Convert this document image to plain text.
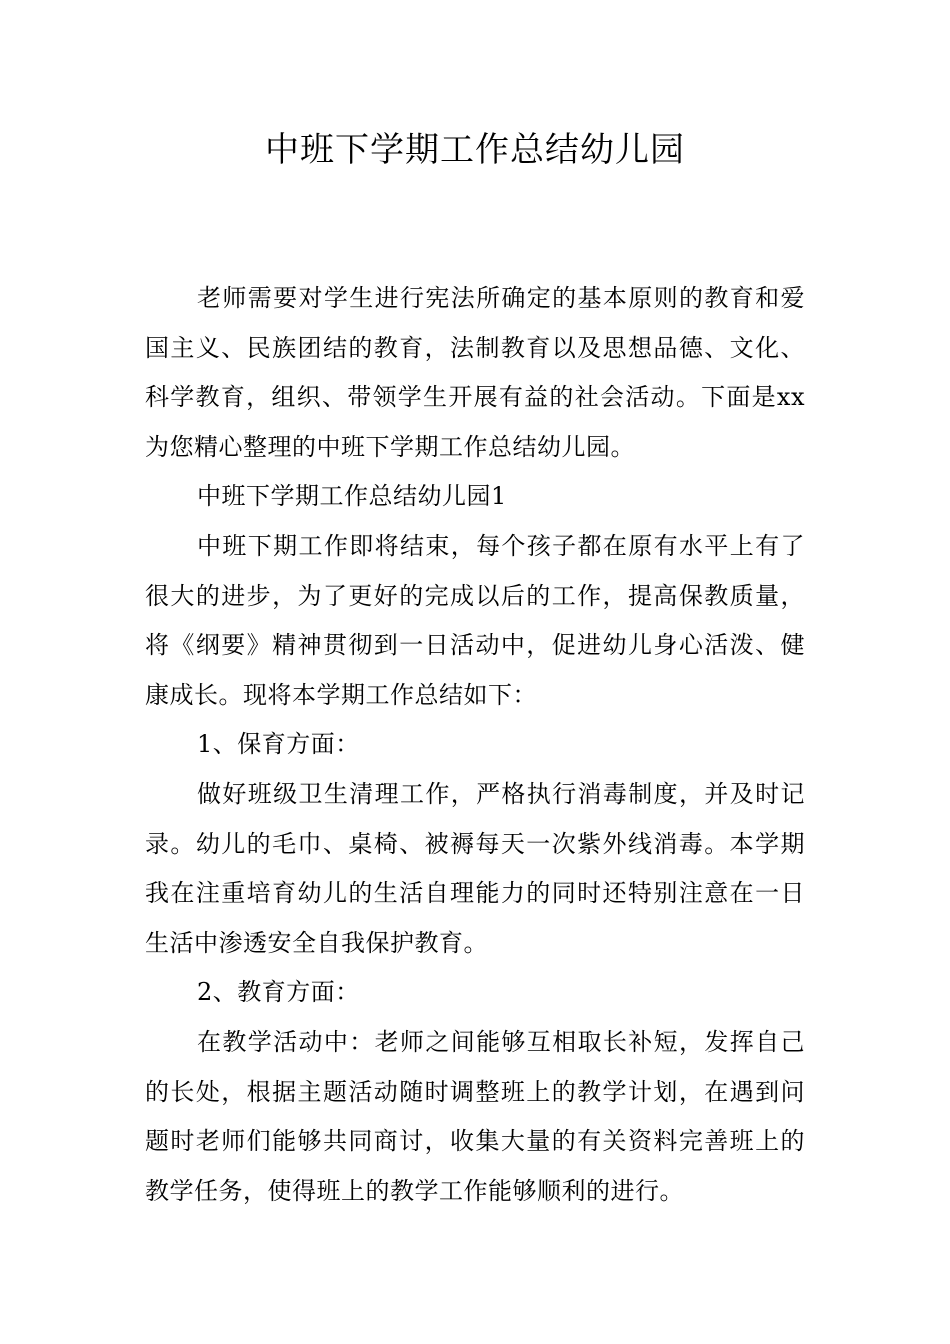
中班下学期工作总结幼儿园

老师需要对学生进行宪法所确定的基本原则的教育和爱国主义、民族团结的教育，法制教育以及思想品德、文化、科学教育，组织、带领学生开展有益的社会活动。下面是xx为您精心整理的中班下学期工作总结幼儿园。

中班下学期工作总结幼儿园1

中班下期工作即将结束，每个孩子都在原有水平上有了很大的进步，为了更好的完成以后的工作，提高保教质量，将《纲要》精神贯彻到一日活动中，促进幼儿身心活泼、健康成长。现将本学期工作总结如下：

1、保育方面：

做好班级卫生清理工作，严格执行消毒制度，并及时记录。幼儿的毛巾、桌椅、被褥每天一次紫外线消毒。本学期我在注重培育幼儿的生活自理能力的同时还特别注意在一日生活中渗透安全自我保护教育。

2、教育方面：

在教学活动中：老师之间能够互相取长补短，发挥自己的长处，根据主题活动随时调整班上的教学计划，在遇到问题时老师们能够共同商讨，收集大量的有关资料完善班上的教学任务，使得班上的教学工作能够顺利的进行。
